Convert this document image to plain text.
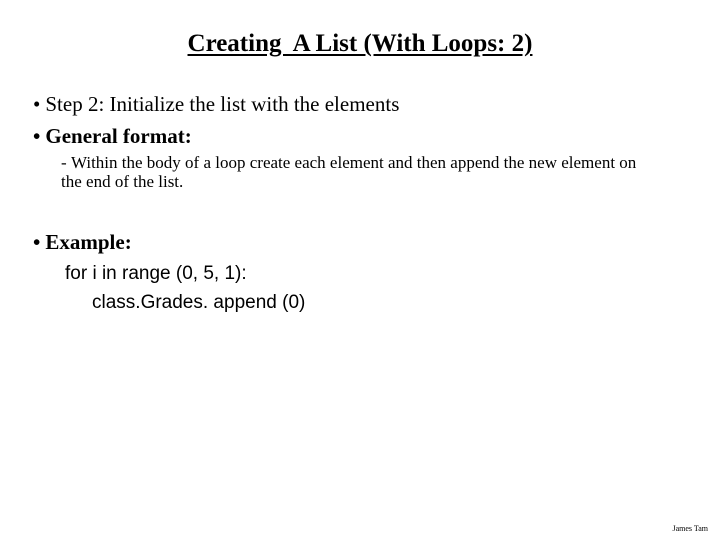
Creating  A List (With Loops: 2)
• Step 2: Initialize the list with the elements
• General format:
- Within the body of a loop create each element and then append the new element on the end of the list.
• Example:
for i in range (0, 5, 1):
class.Grades. append (0)
James Tam
